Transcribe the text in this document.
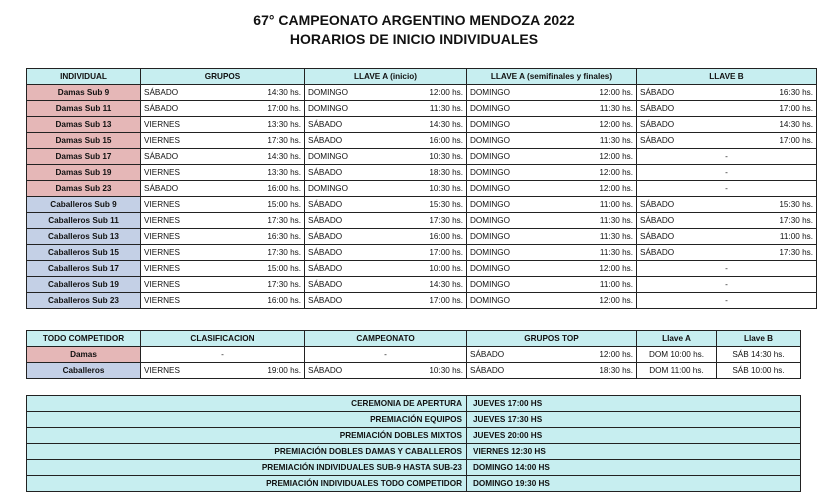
67° CAMPEONATO ARGENTINO MENDOZA 2022
HORARIOS DE INICIO INDIVIDUALES
INDIVIDUAL	GRUPOS	LLAVE A (inicio)	LLAVE A (semifinales y finales)	LLAVE B
Damas Sub 9	SÁBADO 14:30 hs.	DOMINGO 12:00 hs.	DOMINGO 12:00 hs.	SÁBADO 16:30 hs.

Damas Sub 11	SÁBADO 17:00 hs.	DOMINGO 11:30 hs.	DOMINGO 11:30 hs.	SÁBADO 17:00 hs.

Damas Sub 13	VIERNES 13:30 hs.	SÁBADO 14:30 hs.	DOMINGO 12:00 hs.	SÁBADO 14:30 hs.

Damas Sub 15	VIERNES 17:30 hs.	SÁBADO 16:00 hs.	DOMINGO 11:30 hs.	SÁBADO 17:00 hs.

Damas Sub 17	SÁBADO 14:30 hs.	DOMINGO 10:30 hs.	DOMINGO 12:00 hs.	-
Damas Sub 19	VIERNES 13:30 hs.	SÁBADO 18:30 hs.	DOMINGO 12:00 hs.	-
Damas Sub 23	SÁBADO 16:00 hs.	DOMINGO 10:30 hs.	DOMINGO 12:00 hs.	-
Caballeros Sub 9	VIERNES 15:00 hs.	SÁBADO 15:30 hs.	DOMINGO 11:00 hs.	SÁBADO 15:30 hs.

Caballeros Sub 11	VIERNES 17:30 hs.	SÁBADO 17:30 hs.	DOMINGO 11:30 hs.	SÁBADO 17:30 hs.

Caballeros Sub 13	VIERNES 16:30 hs.	SÁBADO 16:00 hs.	DOMINGO 11:30 hs.	SÁBADO 11:00 hs.

Caballeros Sub 15	VIERNES 17:30 hs.	SÁBADO 17:00 hs.	DOMINGO 11:30 hs.	SÁBADO 17:30 hs.

Caballeros Sub 17	VIERNES 15:00 hs.	SÁBADO 10:00 hs.	DOMINGO 12:00 hs.	-
Caballeros Sub 19	VIERNES 17:30 hs.	SÁBADO 14:30 hs.	DOMINGO 11:00 hs.	-
Caballeros Sub 23	VIERNES 16:00 hs.	SÁBADO 17:00 hs.	DOMINGO 12:00 hs.	-
TODO COMPETIDOR	CLASIFICACION	CAMPEONATO	GRUPOS TOP	Llave A	Llave B
Damas	-	-	SÁBADO 12:00 hs.	DOM 10:00 hs.	SÁB 14:30 hs.
Caballeros	VIERNES 19:00 hs.	SÁBADO 10:30 hs.	SÁBADO 18:30 hs.	DOM 11:00 hs.	SÁB 10:00 hs.

CEREMONIA DE APERTURA	JUEVES 17:00 HS
PREMIACIÓN EQUIPOS	JUEVES 17:30 HS
PREMIACIÓN DOBLES MIXTOS	JUEVES 20:00 HS
PREMIACIÓN DOBLES DAMAS Y CABALLEROS	VIERNES 12:30 HS
PREMIACIÓN INDIVIDUALES SUB-9 HASTA SUB-23	DOMINGO 14:00 HS
PREMIACIÓN INDIVIDUALES TODO COMPETIDOR	DOMINGO 19:30 HS
